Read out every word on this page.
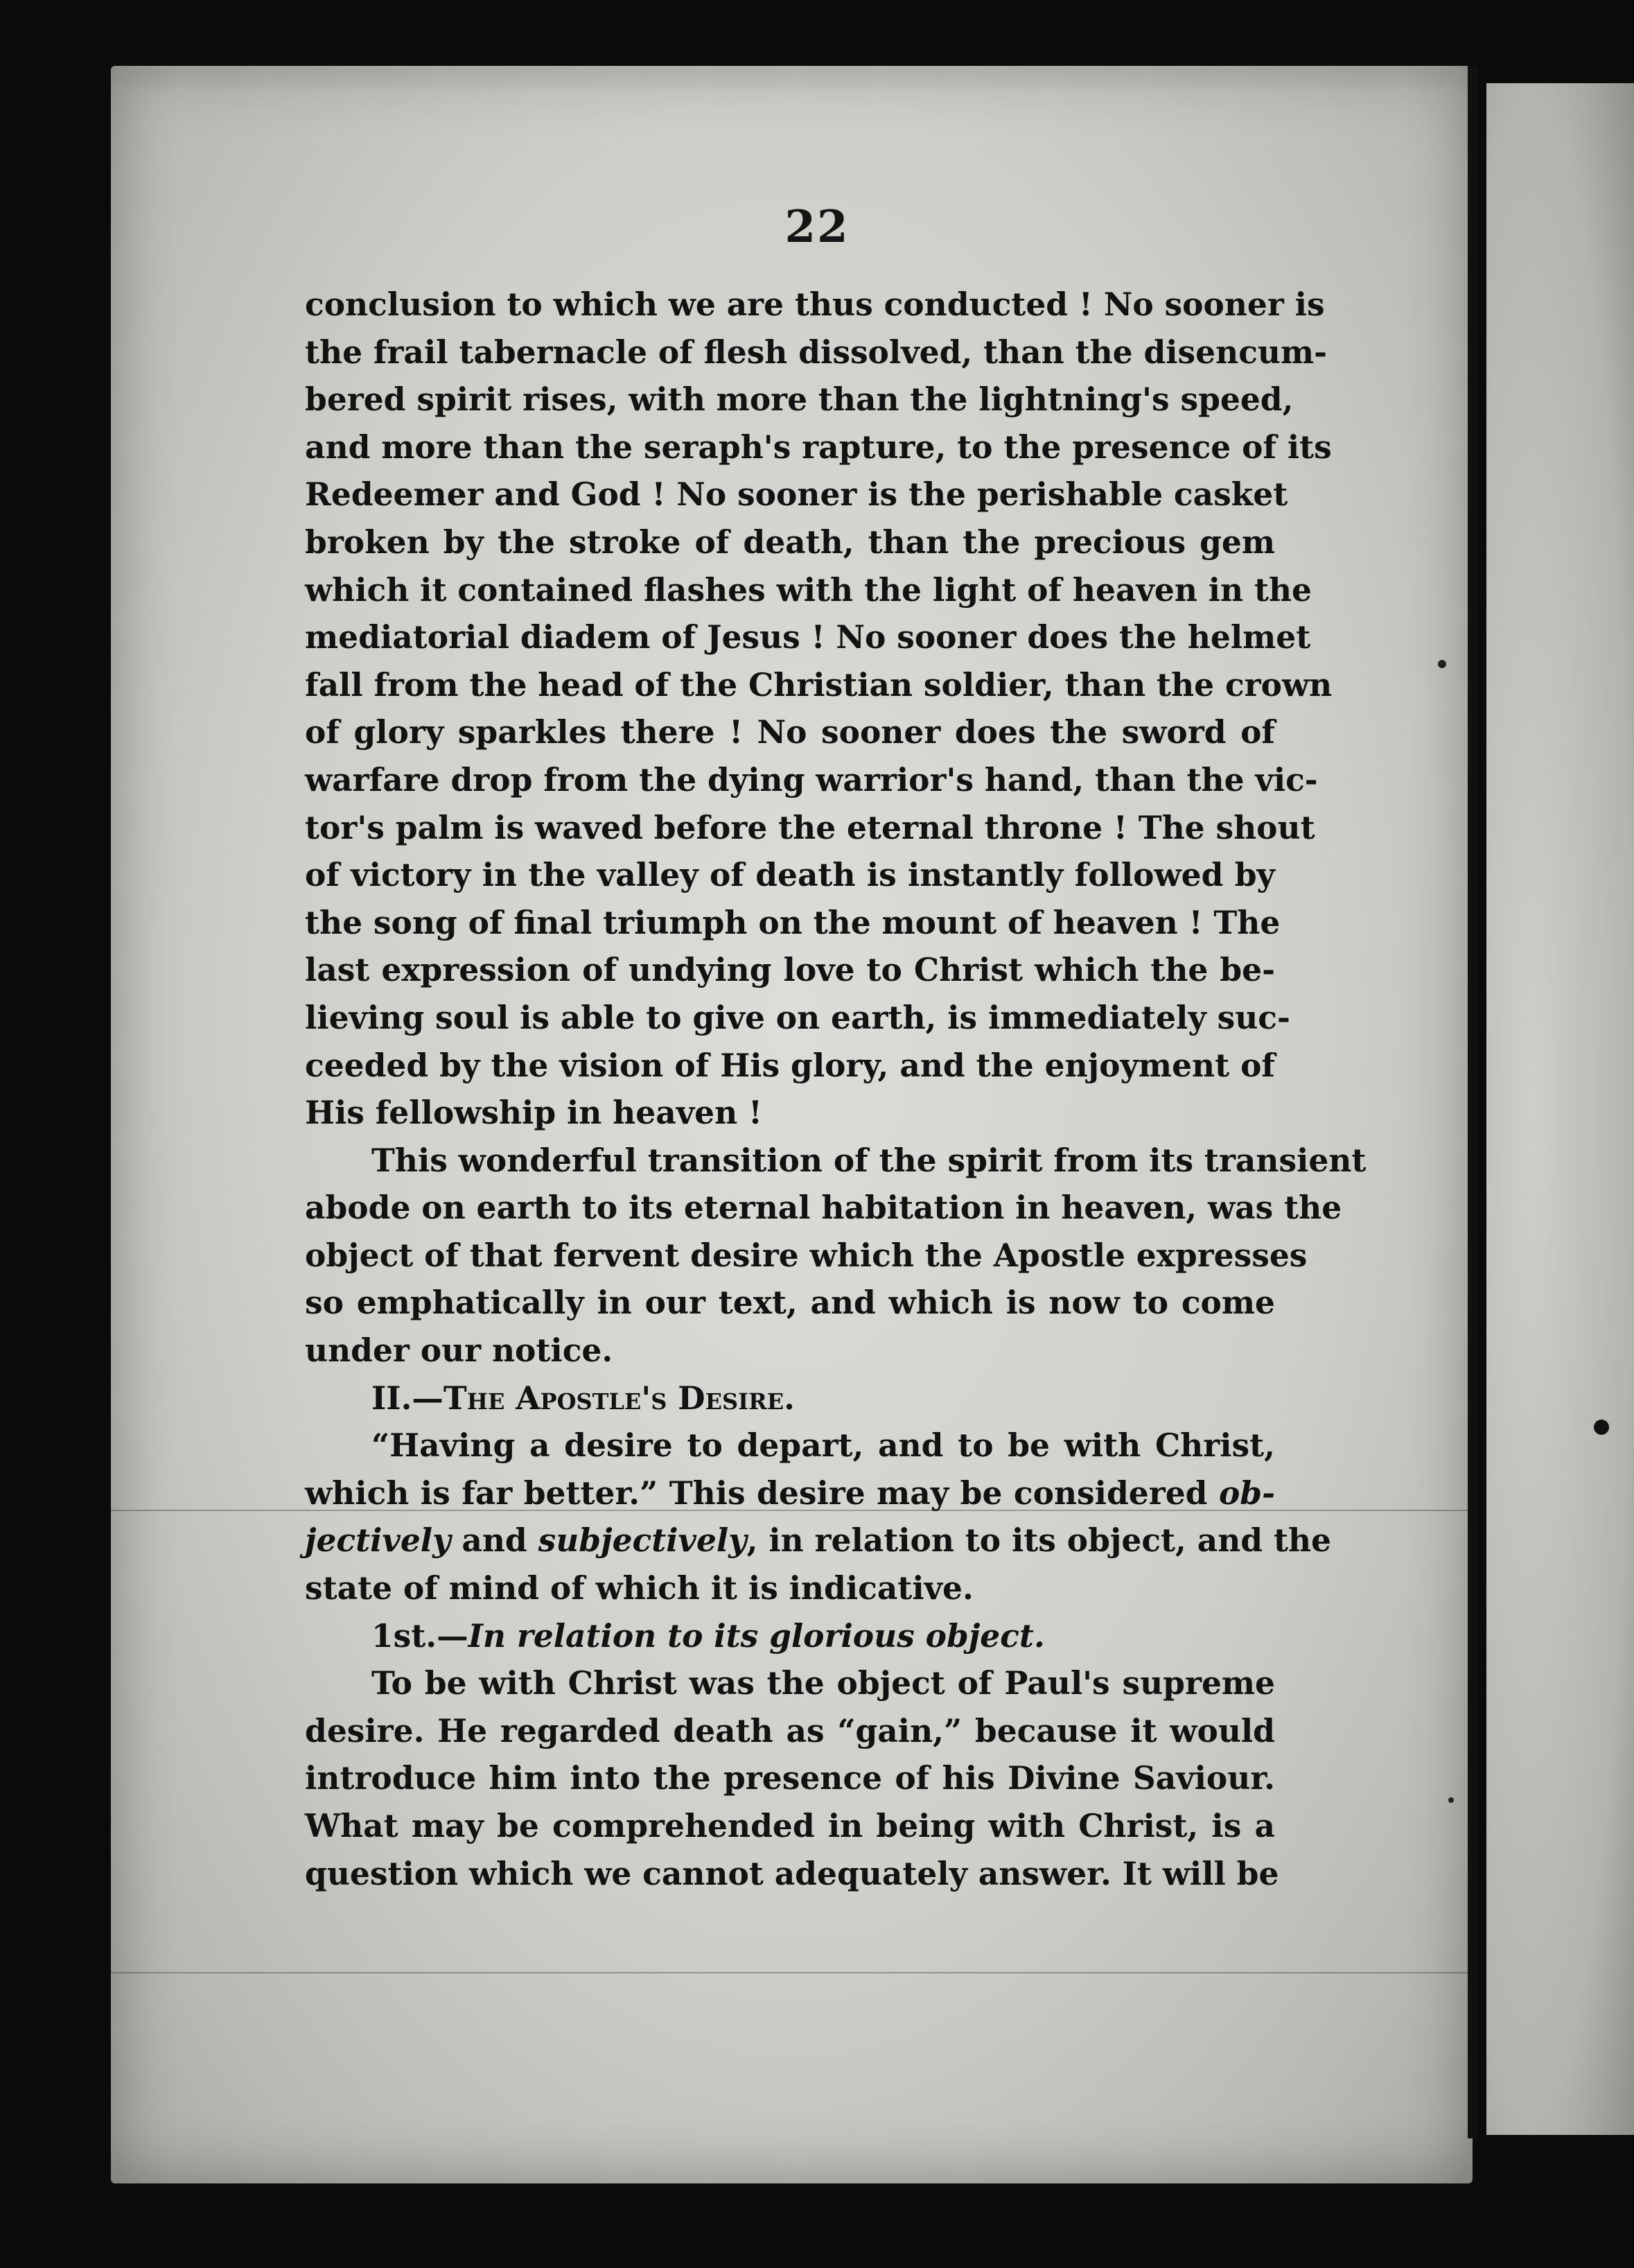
22
conclusion to which we are thus conducted ! No sooner is
the frail tabernacle of flesh dissolved, than the disencum-
bered spirit rises, with more than the lightning's speed,
and more than the seraph's rapture, to the presence of its
Redeemer and God ! No sooner is the perishable casket
broken by the stroke of death, than the precious gem
which it contained flashes with the light of heaven in the
mediatorial diadem of Jesus ! No sooner does the helmet
fall from the head of the Christian soldier, than the crown
of glory sparkles there ! No sooner does the sword of
warfare drop from the dying warrior's hand, than the vic-
tor's palm is waved before the eternal throne ! The shout
of victory in the valley of death is instantly followed by
the song of final triumph on the mount of heaven ! The
last expression of undying love to Christ which the be-
lieving soul is able to give on earth, is immediately suc-
ceeded by the vision of His glory, and the enjoyment of
His fellowship in heaven !
This wonderful transition of the spirit from its transient
abode on earth to its eternal habitation in heaven, was the
object of that fervent desire which the Apostle expresses
so emphatically in our text, and which is now to come
under our notice.
II.—The Apostle's Desire.
“Having a desire to depart, and to be with Christ,
which is far better.” This desire may be considered ob-
jectively and subjectively, in relation to its object, and the
state of mind of which it is indicative.
1st.—In relation to its glorious object.
To be with Christ was the object of Paul's supreme
desire. He regarded death as “gain,” because it would
introduce him into the presence of his Divine Saviour.
What may be comprehended in being with Christ, is a
question which we cannot adequately answer. It will be
